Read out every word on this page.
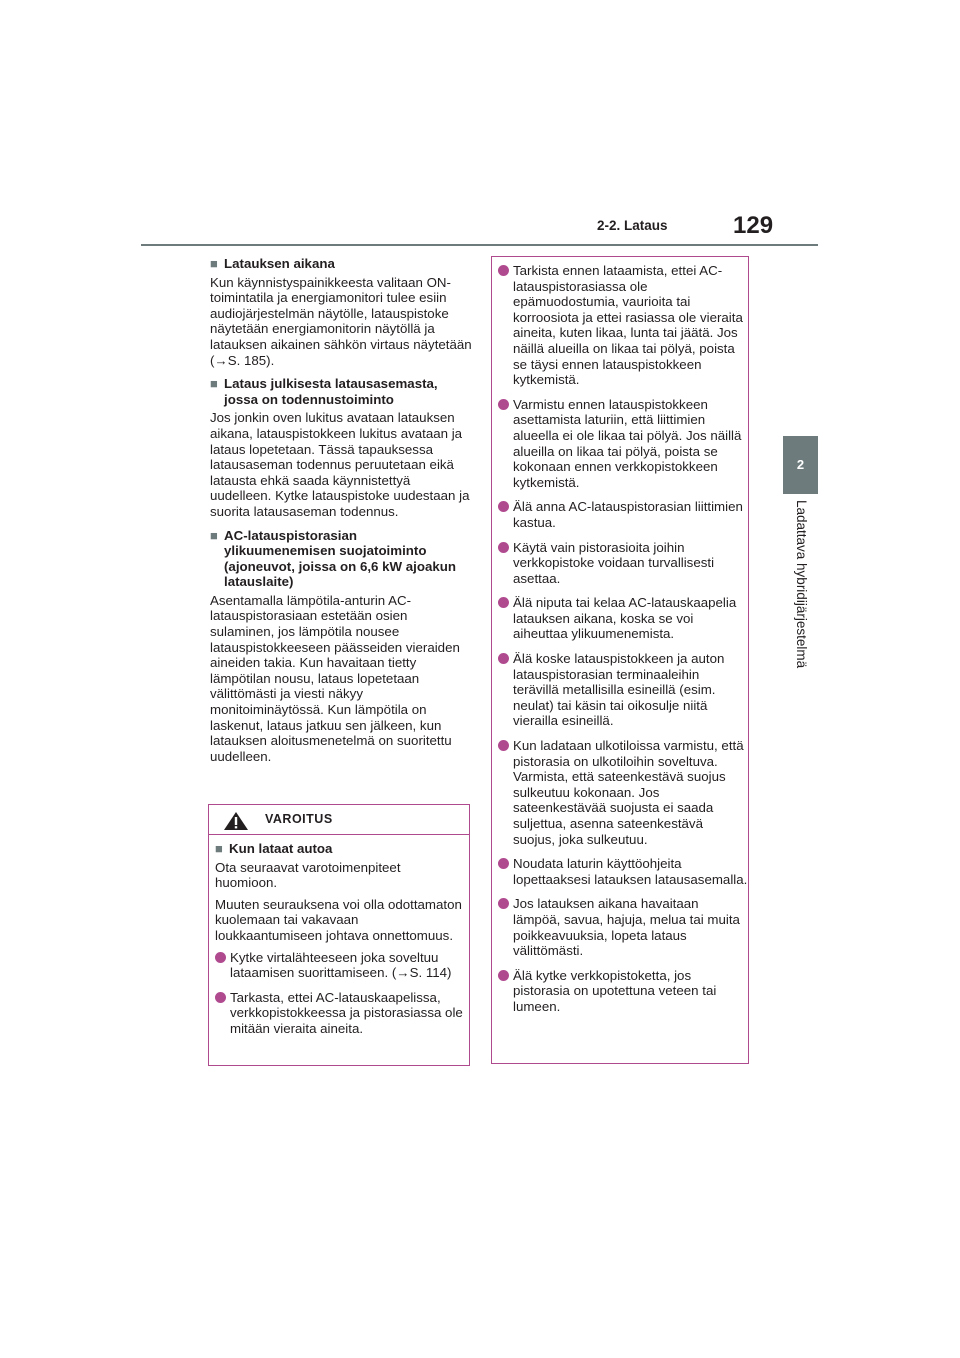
2-2. Lataus	129
2
Ladattava hybridijärjestelmä
■ Latauksen aikana

Kun käynnistyspainikkeesta valitaan ON-toimintatila ja energiamonitori tulee esiin audiojärjestelmän näytölle, latauspistoke näytetään energiamonitorin näytöllä ja latauksen aikainen sähkön virtaus näytetään (→S. 185).

■ Lataus julkisesta latausasemasta, jossa on todennustoiminto

Jos jonkin oven lukitus avataan latauksen aikana, latauspistokkeen lukitus avataan ja lataus lopetetaan. Tässä tapauksessa latausaseman todennus peruutetaan eikä latausta ehkä saada käynnistettyä uudelleen. Kytke latauspistoke uudestaan ja suorita latausaseman todennus.

■ AC-latauspistorasian ylikuumenemisen suojatoiminto (ajoneuvot, joissa on 6,6 kW ajoakun latauslaite)

Asentamalla lämpötila-anturin AC-latauspistorasiaan estetään osien sulaminen, jos lämpötila nousee latauspistokkeeseen päässeiden vieraiden aineiden takia. Kun havaitaan tietty lämpötilan nousu, lataus lopetetaan välittömästi ja viesti näkyy monitoiminäytössä. Kun lämpötila on laskenut, lataus jatkuu sen jälkeen, kun latauksen aloitusmenetelmä on suoritettu uudelleen.

VAROITUS
■ Kun lataat autoa

Ota seuraavat varotoimenpiteet huomioon.

Muuten seurauksena voi olla odottamaton kuolemaan tai vakavaan loukkaantumiseen johtava onnettomuus.

Kytke virtalähteeseen joka soveltuu lataamisen suorittamiseen. (→S. 114)
Tarkasta, ettei AC-latauskaapelissa, verkkopistokkeessa ja pistorasiassa ole mitään vieraita aineita.
Tarkista ennen lataamista, ettei AC-latauspistorasiassa ole epämuodostumia, vaurioita tai korroosiota ja ettei rasiassa ole vieraita aineita, kuten likaa, lunta tai jäätä. Jos näillä alueilla on likaa tai pölyä, poista se täysi ennen latauspistokkeen kytkemistä.
Varmistu ennen latauspistokkeen asettamista laturiin, että liittimien alueella ei ole likaa tai pölyä. Jos näillä alueilla on likaa tai pölyä, poista se kokonaan ennen verkkopistokkeen kytkemistä.
Älä anna AC-latauspistorasian liittimien kastua.
Käytä vain pistorasioita joihin verkkopistoke voidaan turvallisesti asettaa.
Älä niputa tai kelaa AC-latauskaapelia latauksen aikana, koska se voi aiheuttaa ylikuumenemista.
Älä koske latauspistokkeen ja auton latauspistorasian terminaaleihin terävillä metallisilla esineillä (esim. neulat) tai käsin tai oikosulje niitä vierailla esineillä.
Kun ladataan ulkotiloissa varmistu, että pistorasia on ulkotiloihin soveltuva. Varmista, että sateenkestävä suojus sulkeutuu kokonaan. Jos sateenkestävää suojusta ei saada suljettua, asenna sateenkestävä suojus, joka sulkeutuu.
Noudata laturin käyttöohjeita lopettaaksesi latauksen latausasemalla.
Jos latauksen aikana havaitaan lämpöä, savua, hajuja, melua tai muita poikkeavuuksia, lopeta lataus välittömästi.
Älä kytke verkkopistoketta, jos pistorasia on upotettuna veteen tai lumeen.
